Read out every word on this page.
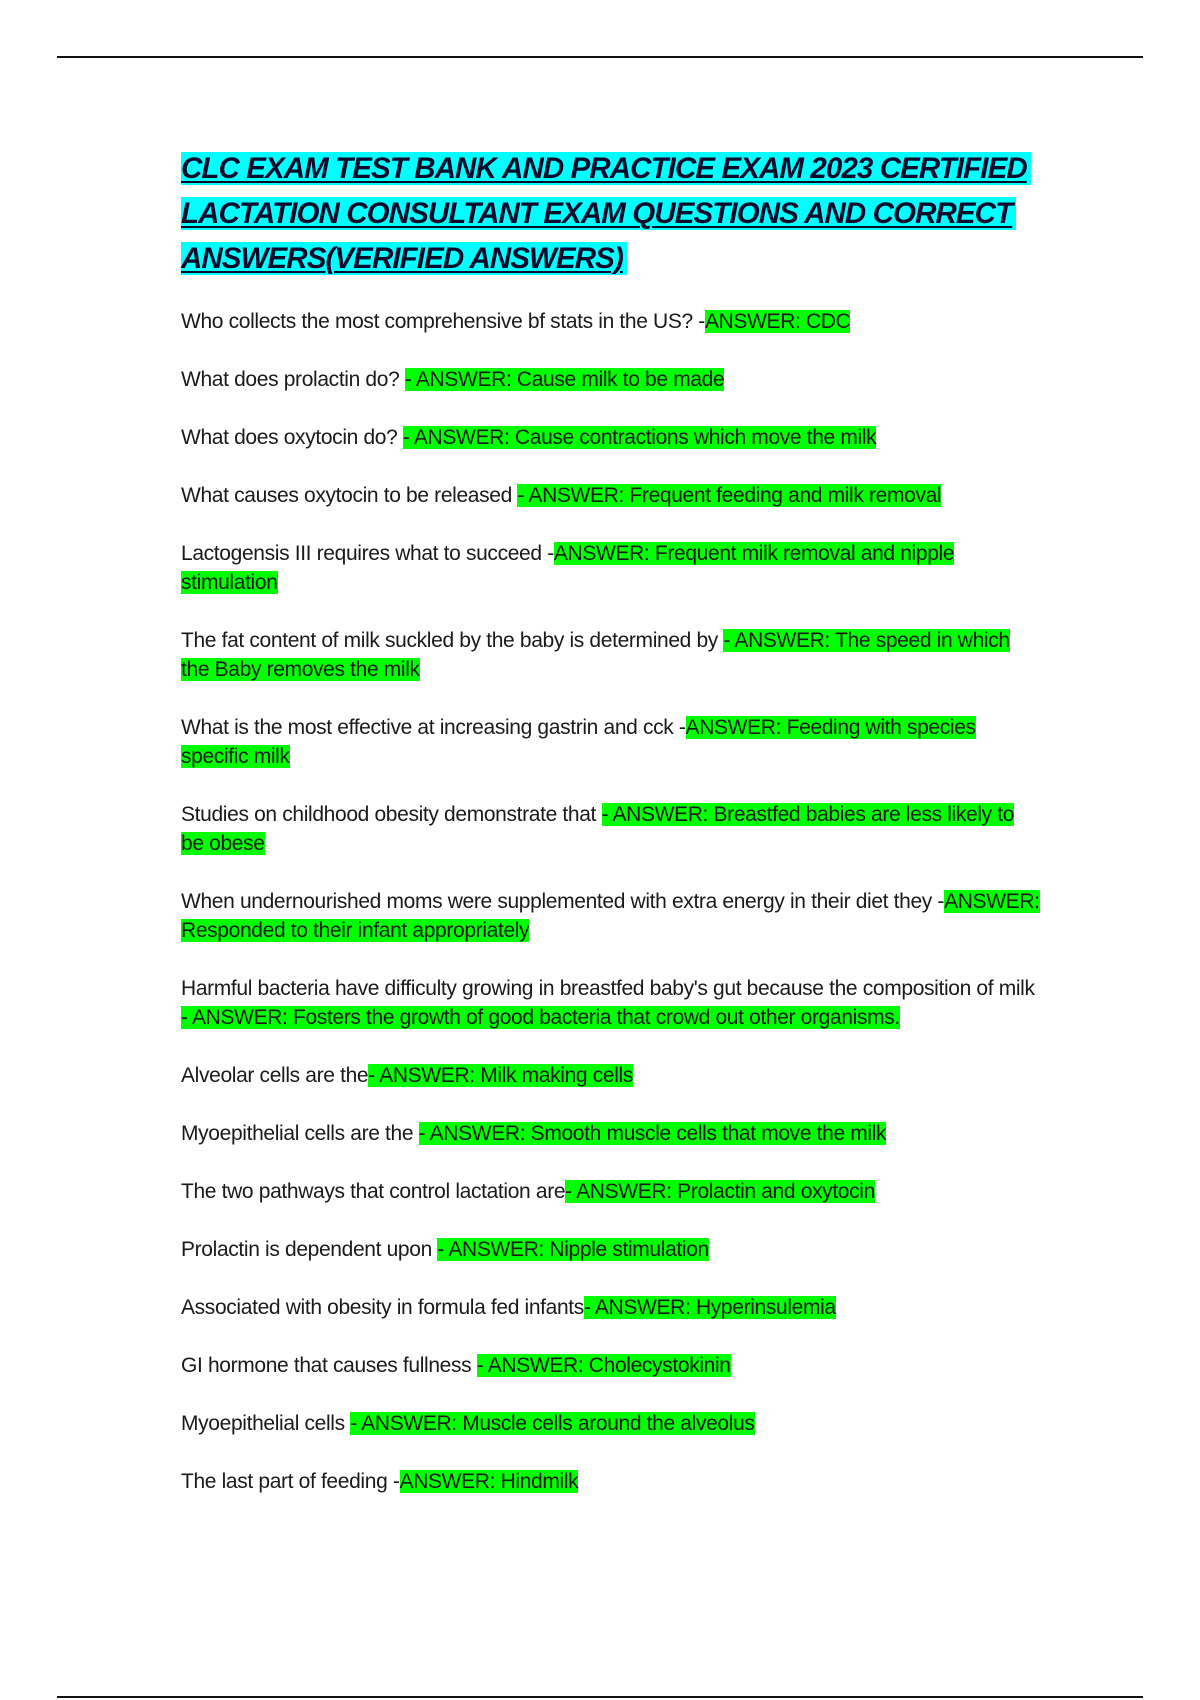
CLC EXAM TEST BANK AND PRACTICE EXAM 2023 CERTIFIED LACTATION CONSULTANT EXAM QUESTIONS AND CORRECT ANSWERS(VERIFIED ANSWERS)

Who collects the most comprehensive bf stats in the US? -ANSWER: CDC

What does prolactin do? - ANSWER: Cause milk to be made

What does oxytocin do? - ANSWER: Cause contractions which move the milk

What causes oxytocin to be released - ANSWER: Frequent feeding and milk removal

Lactogensis III requires what to succeed -ANSWER: Frequent milk removal and nipple stimulation

The fat content of milk suckled by the baby is determined by - ANSWER: The speed in which the Baby removes the milk

What is the most effective at increasing gastrin and cck -ANSWER: Feeding with species specific milk

Studies on childhood obesity demonstrate that - ANSWER: Breastfed babies are less likely to be obese

When undernourished moms were supplemented with extra energy in their diet they -ANSWER: Responded to their infant appropriately

Harmful bacteria have difficulty growing in breastfed baby's gut because the composition of milk - ANSWER: Fosters the growth of good bacteria that crowd out other organisms.

Alveolar cells are the- ANSWER: Milk making cells

Myoepithelial cells are the - ANSWER: Smooth muscle cells that move the milk

The two pathways that control lactation are- ANSWER: Prolactin and oxytocin

Prolactin is dependent upon - ANSWER: Nipple stimulation

Associated with obesity in formula fed infants- ANSWER: Hyperinsulemia

GI hormone that causes fullness - ANSWER: Cholecystokinin

Myoepithelial cells - ANSWER: Muscle cells around the alveolus

The last part of feeding -ANSWER: Hindmilk
